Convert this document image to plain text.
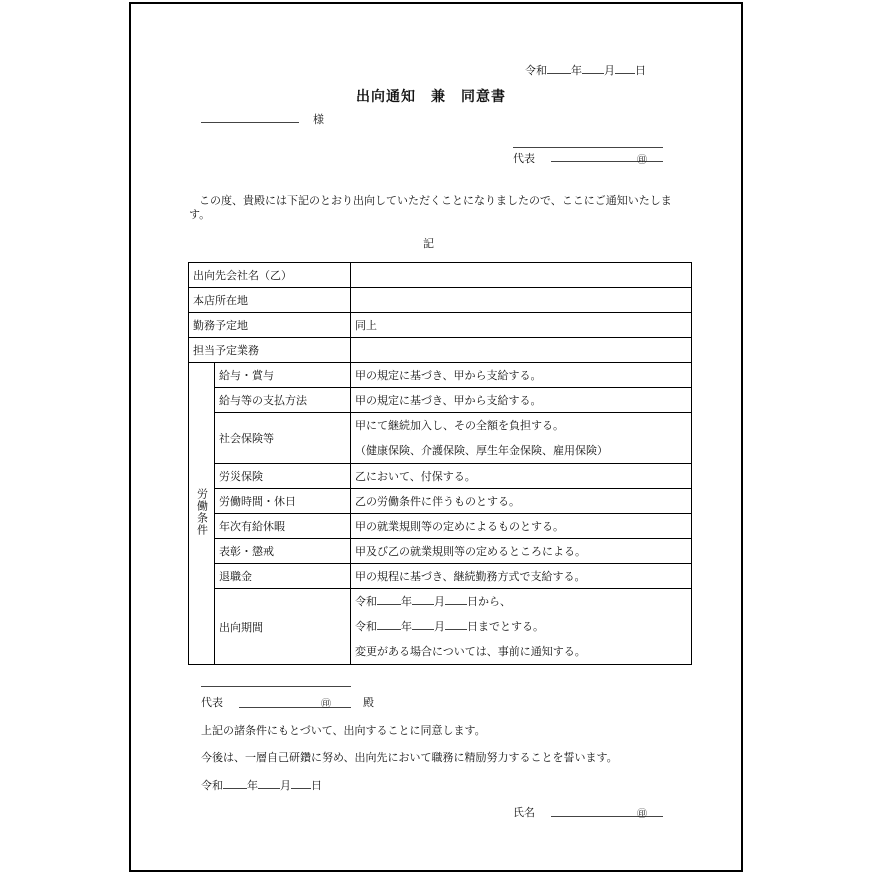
令和 年 月 日
出向通知　兼　同意書
様
代表	㊞
この度、貴殿には下記のとおり出向していただくことになりましたので、ここにご通知いたします。
記
出向先会社名（乙）		
本店所在地		
勤務予定地		同上
担当予定業務		
労働条件	給与・賞与	甲の規定に基づき、甲から支給する。
	給与等の支払方法	甲の規定に基づき、甲から支給する。
	社会保険等	甲にて継続加入し、その全額を負担する。
（健康保険、介護保険、厚生年金保険、雇用保険）

	労災保険	乙において、付保する。
	労働時間・休日	乙の労働条件に伴うものとする。
	年次有給休暇	甲の就業規則等の定めによるものとする。
	表彰・懲戒	甲及び乙の就業規則等の定めるところによる。
	退職金	甲の規程に基づき、継続勤務方式で支給する。
	出向期間	令和 年 月 日から、
令和 年 月 日までとする。
変更がある場合については、事前に通知する。
代表	㊞	殿
上記の諸条件にもとづいて、出向することに同意します。
今後は、一層自己研鑽に努め、出向先において職務に精励努力することを誓います。
令和 年 月 日
氏名	㊞
